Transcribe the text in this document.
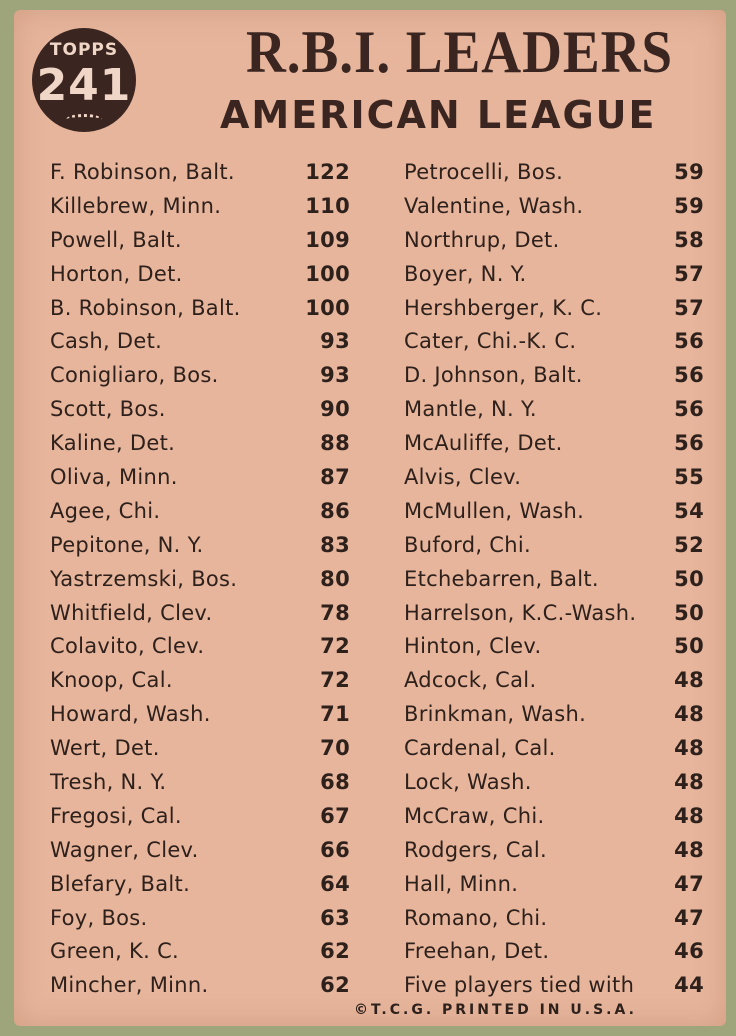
TOPPS
241
R.B.I. LEADERS
AMERICAN LEAGUE
F. Robinson, Balt.	122
Killebrew, Minn.	110
Powell, Balt.	109
Horton, Det.	100
B. Robinson, Balt.	100
Cash, Det.	93
Conigliaro, Bos.	93
Scott, Bos.	90
Kaline, Det.	88
Oliva, Minn.	87
Agee, Chi.	86
Pepitone, N. Y.	83
Yastrzemski, Bos.	80
Whitfield, Clev.	78
Colavito, Clev.	72
Knoop, Cal.	72
Howard, Wash.	71
Wert, Det.	70
Tresh, N. Y.	68
Fregosi, Cal.	67
Wagner, Clev.	66
Blefary, Balt.	64
Foy, Bos.	63
Green, K. C.	62
Mincher, Minn.	62
Petrocelli, Bos.	59
Valentine, Wash.	59
Northrup, Det.	58
Boyer, N. Y.	57
Hershberger, K. C.	57
Cater, Chi.-K. C.	56
D. Johnson, Balt.	56
Mantle, N. Y.	56
McAuliffe, Det.	56
Alvis, Clev.	55
McMullen, Wash.	54
Buford, Chi.	52
Etchebarren, Balt.	50
Harrelson, K.C.-Wash. 50
Hinton, Clev.	50
Adcock, Cal.	48
Brinkman, Wash.	48
Cardenal, Cal.	48
Lock, Wash.	48
McCraw, Chi.	48
Rodgers, Cal.	48
Hall, Minn.	47
Romano, Chi.	47
Freehan, Det.	46
Five players tied with 44
©T.C.G. PRINTED IN U.S.A.
